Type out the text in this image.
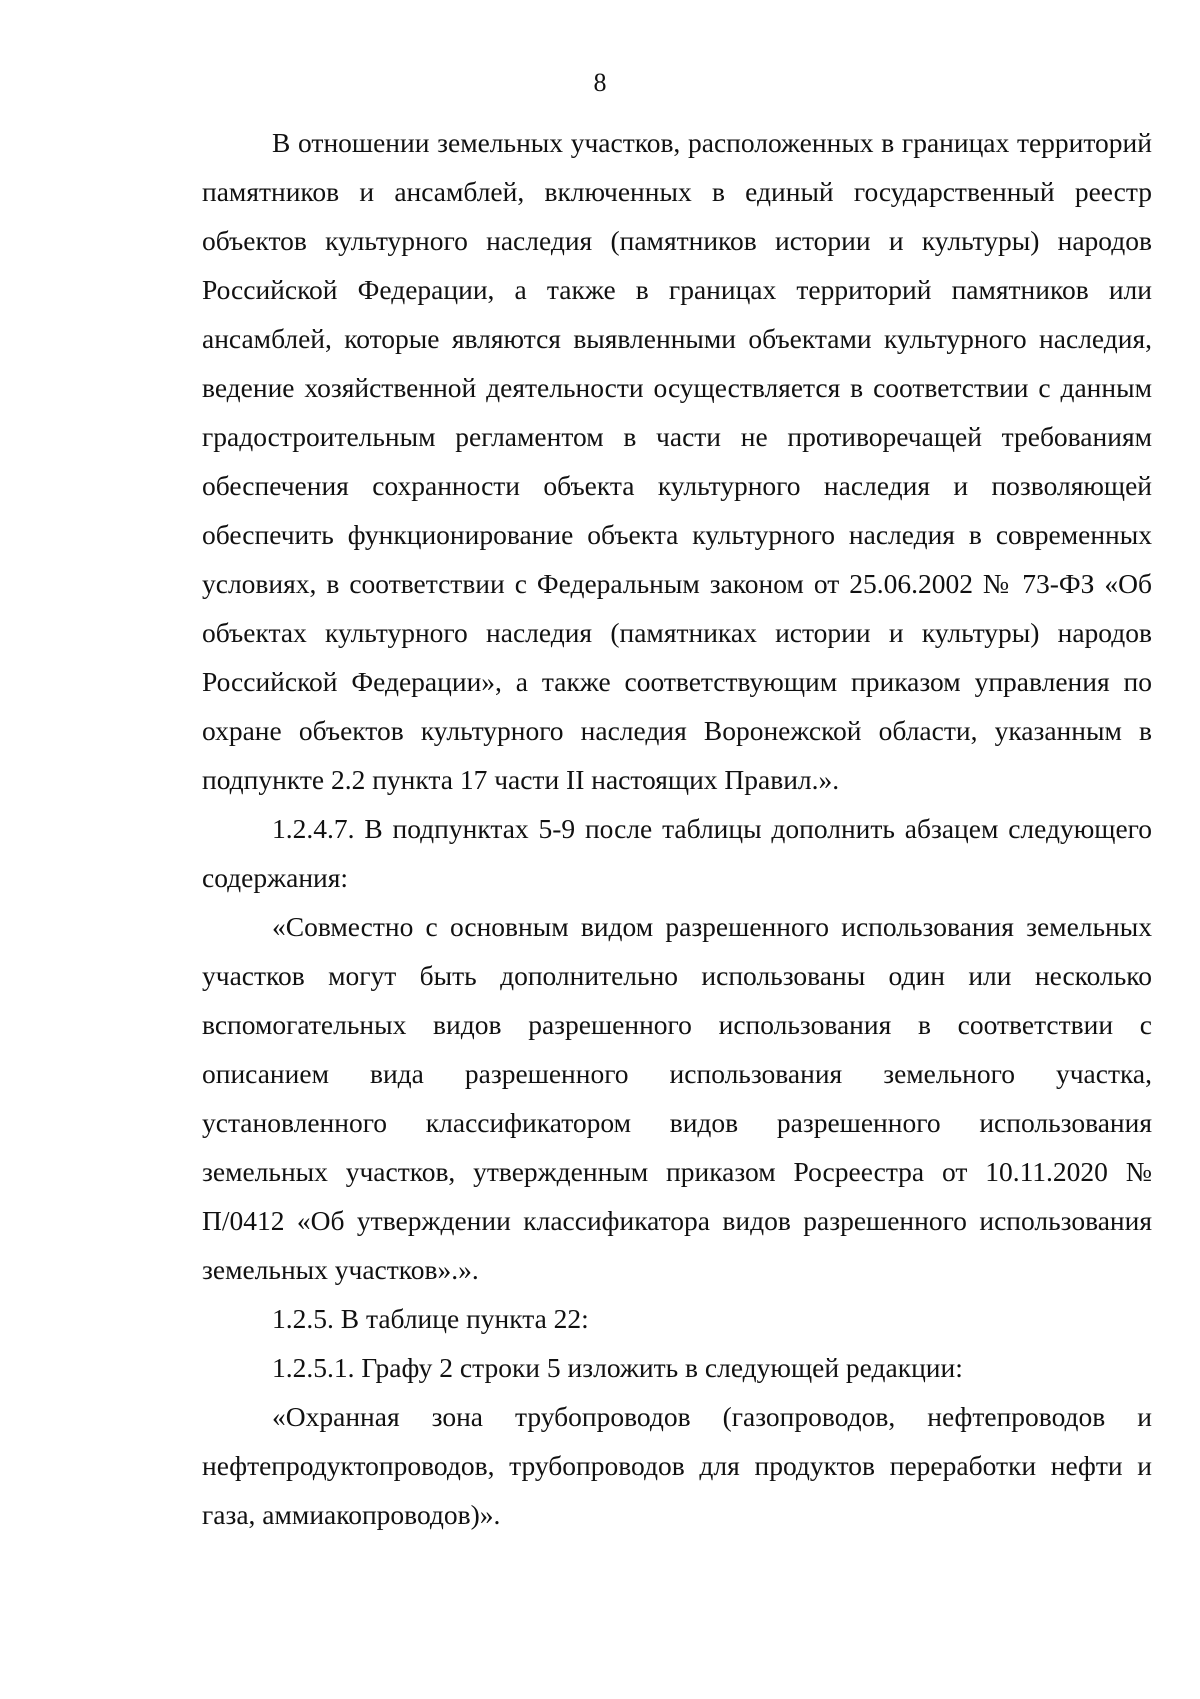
8

В отношении земельных участков, расположенных в границах территорий памятников и ансамблей, включенных в единый государственный реестр объектов культурного наследия (памятников истории и культуры) народов Российской Федерации, а также в границах территорий памятников или ансамблей, которые являются выявленными объектами культурного наследия, ведение хозяйственной деятельности осуществляется в соответствии с данным градостроительным регламентом в части не противоречащей требованиям обеспечения сохранности объекта культурного наследия и позволяющей обеспечить функционирование объекта культурного наследия в современных условиях, в соответствии с Федеральным законом от 25.06.2002 № 73-ФЗ «Об объектах культурного наследия (памятниках истории и культуры) народов Российской Федерации», а также соответствующим приказом управления по охране объектов культурного наследия Воронежской области, указанным в подпункте 2.2 пункта 17 части II настоящих Правил.».

1.2.4.7. В подпунктах 5-9 после таблицы дополнить абзацем следующего содержания:

«Совместно с основным видом разрешенного использования земельных участков могут быть дополнительно использованы один или несколько вспомогательных видов разрешенного использования в соответствии с описанием вида разрешенного использования земельного участка, установленного классификатором видов разрешенного использования земельных участков, утвержденным приказом Росреестра от 10.11.2020 № П/0412 «Об утверждении классификатора видов разрешенного использования земельных участков».».

1.2.5. В таблице пункта 22:

1.2.5.1. Графу 2 строки 5 изложить в следующей редакции:

«Охранная зона трубопроводов (газопроводов, нефтепроводов и нефтепродуктопроводов, трубопроводов для продуктов переработки нефти и газа, аммиакопроводов)».
